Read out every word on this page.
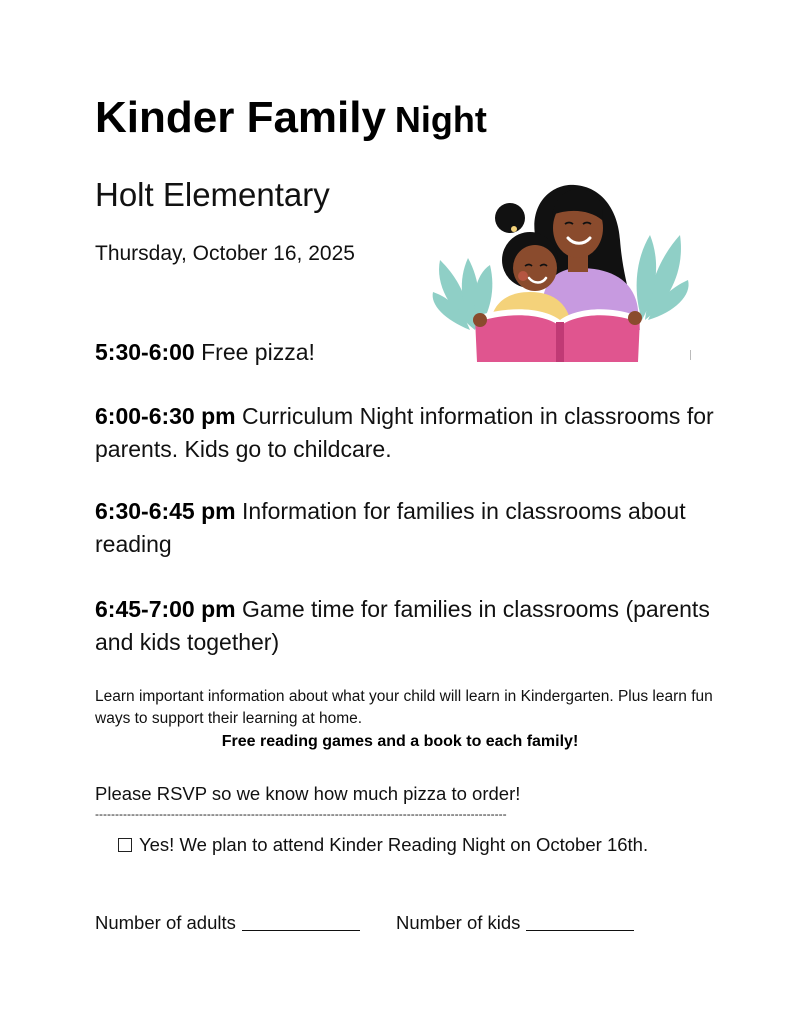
Kinder Family Night
Holt Elementary
Thursday, October 16, 2025
5:30-6:00 Free pizza!
6:00-6:30 pm Curriculum Night information in classrooms for parents. Kids go to childcare.
6:30-6:45 pm Information for families in classrooms about reading
6:45-7:00 pm Game time for families in classrooms (parents and kids together)
Learn important information about what your child will learn in Kindergarten. Plus learn fun ways to support their learning at home.
Free reading games and a book to each family!
Please RSVP so we know how much pizza to order!
-------------------------------------------------------------------------------------------------------
Yes! We plan to attend Kinder Reading Night on October 16th.
Number of adults	Number of kids
